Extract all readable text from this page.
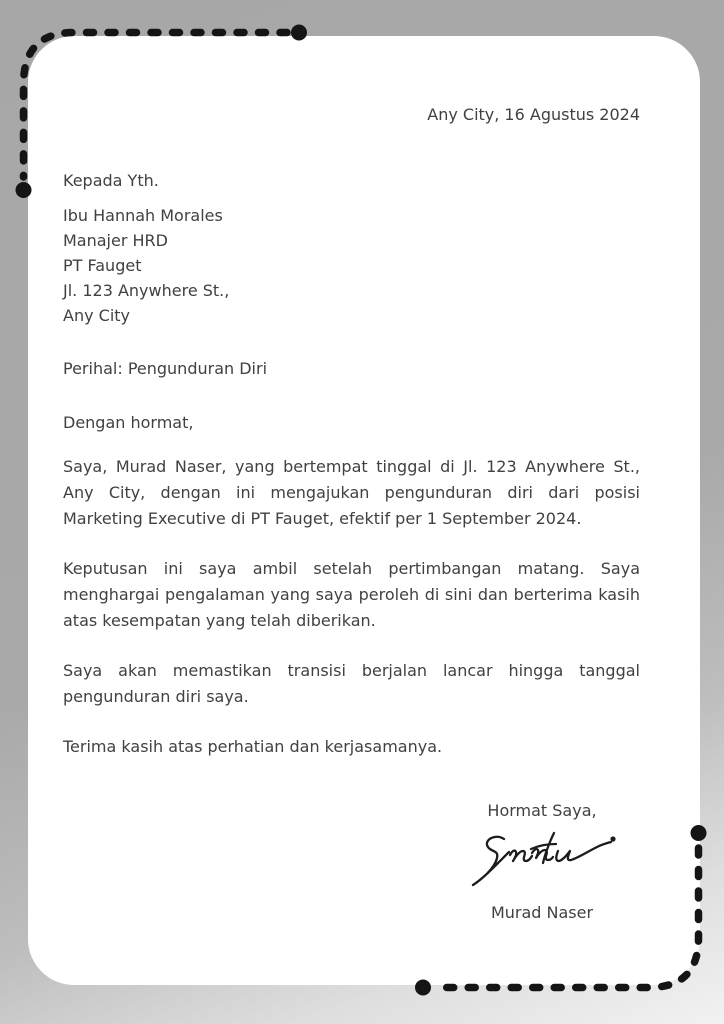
Any City, 16 Agustus 2024
Kepada Yth.
Ibu Hannah Morales
Manajer HRD
PT Fauget
Jl. 123 Anywhere St.,
Any City
Perihal: Pengunduran Diri
Dengan hormat,

Saya, Murad Naser, yang bertempat tinggal di Jl. 123 Anywhere St., Any City, dengan ini mengajukan pengunduran diri dari posisi Marketing Executive di PT Fauget, efektif per 1 September 2024.

Keputusan ini saya ambil setelah pertimbangan matang. Saya menghargai pengalaman yang saya peroleh di sini dan berterima kasih atas kesempatan yang telah diberikan.

Saya akan memastikan transisi berjalan lancar hingga tanggal pengunduran diri saya.

Terima kasih atas perhatian dan kerjasamanya.

Hormat Saya,
Murad Naser
